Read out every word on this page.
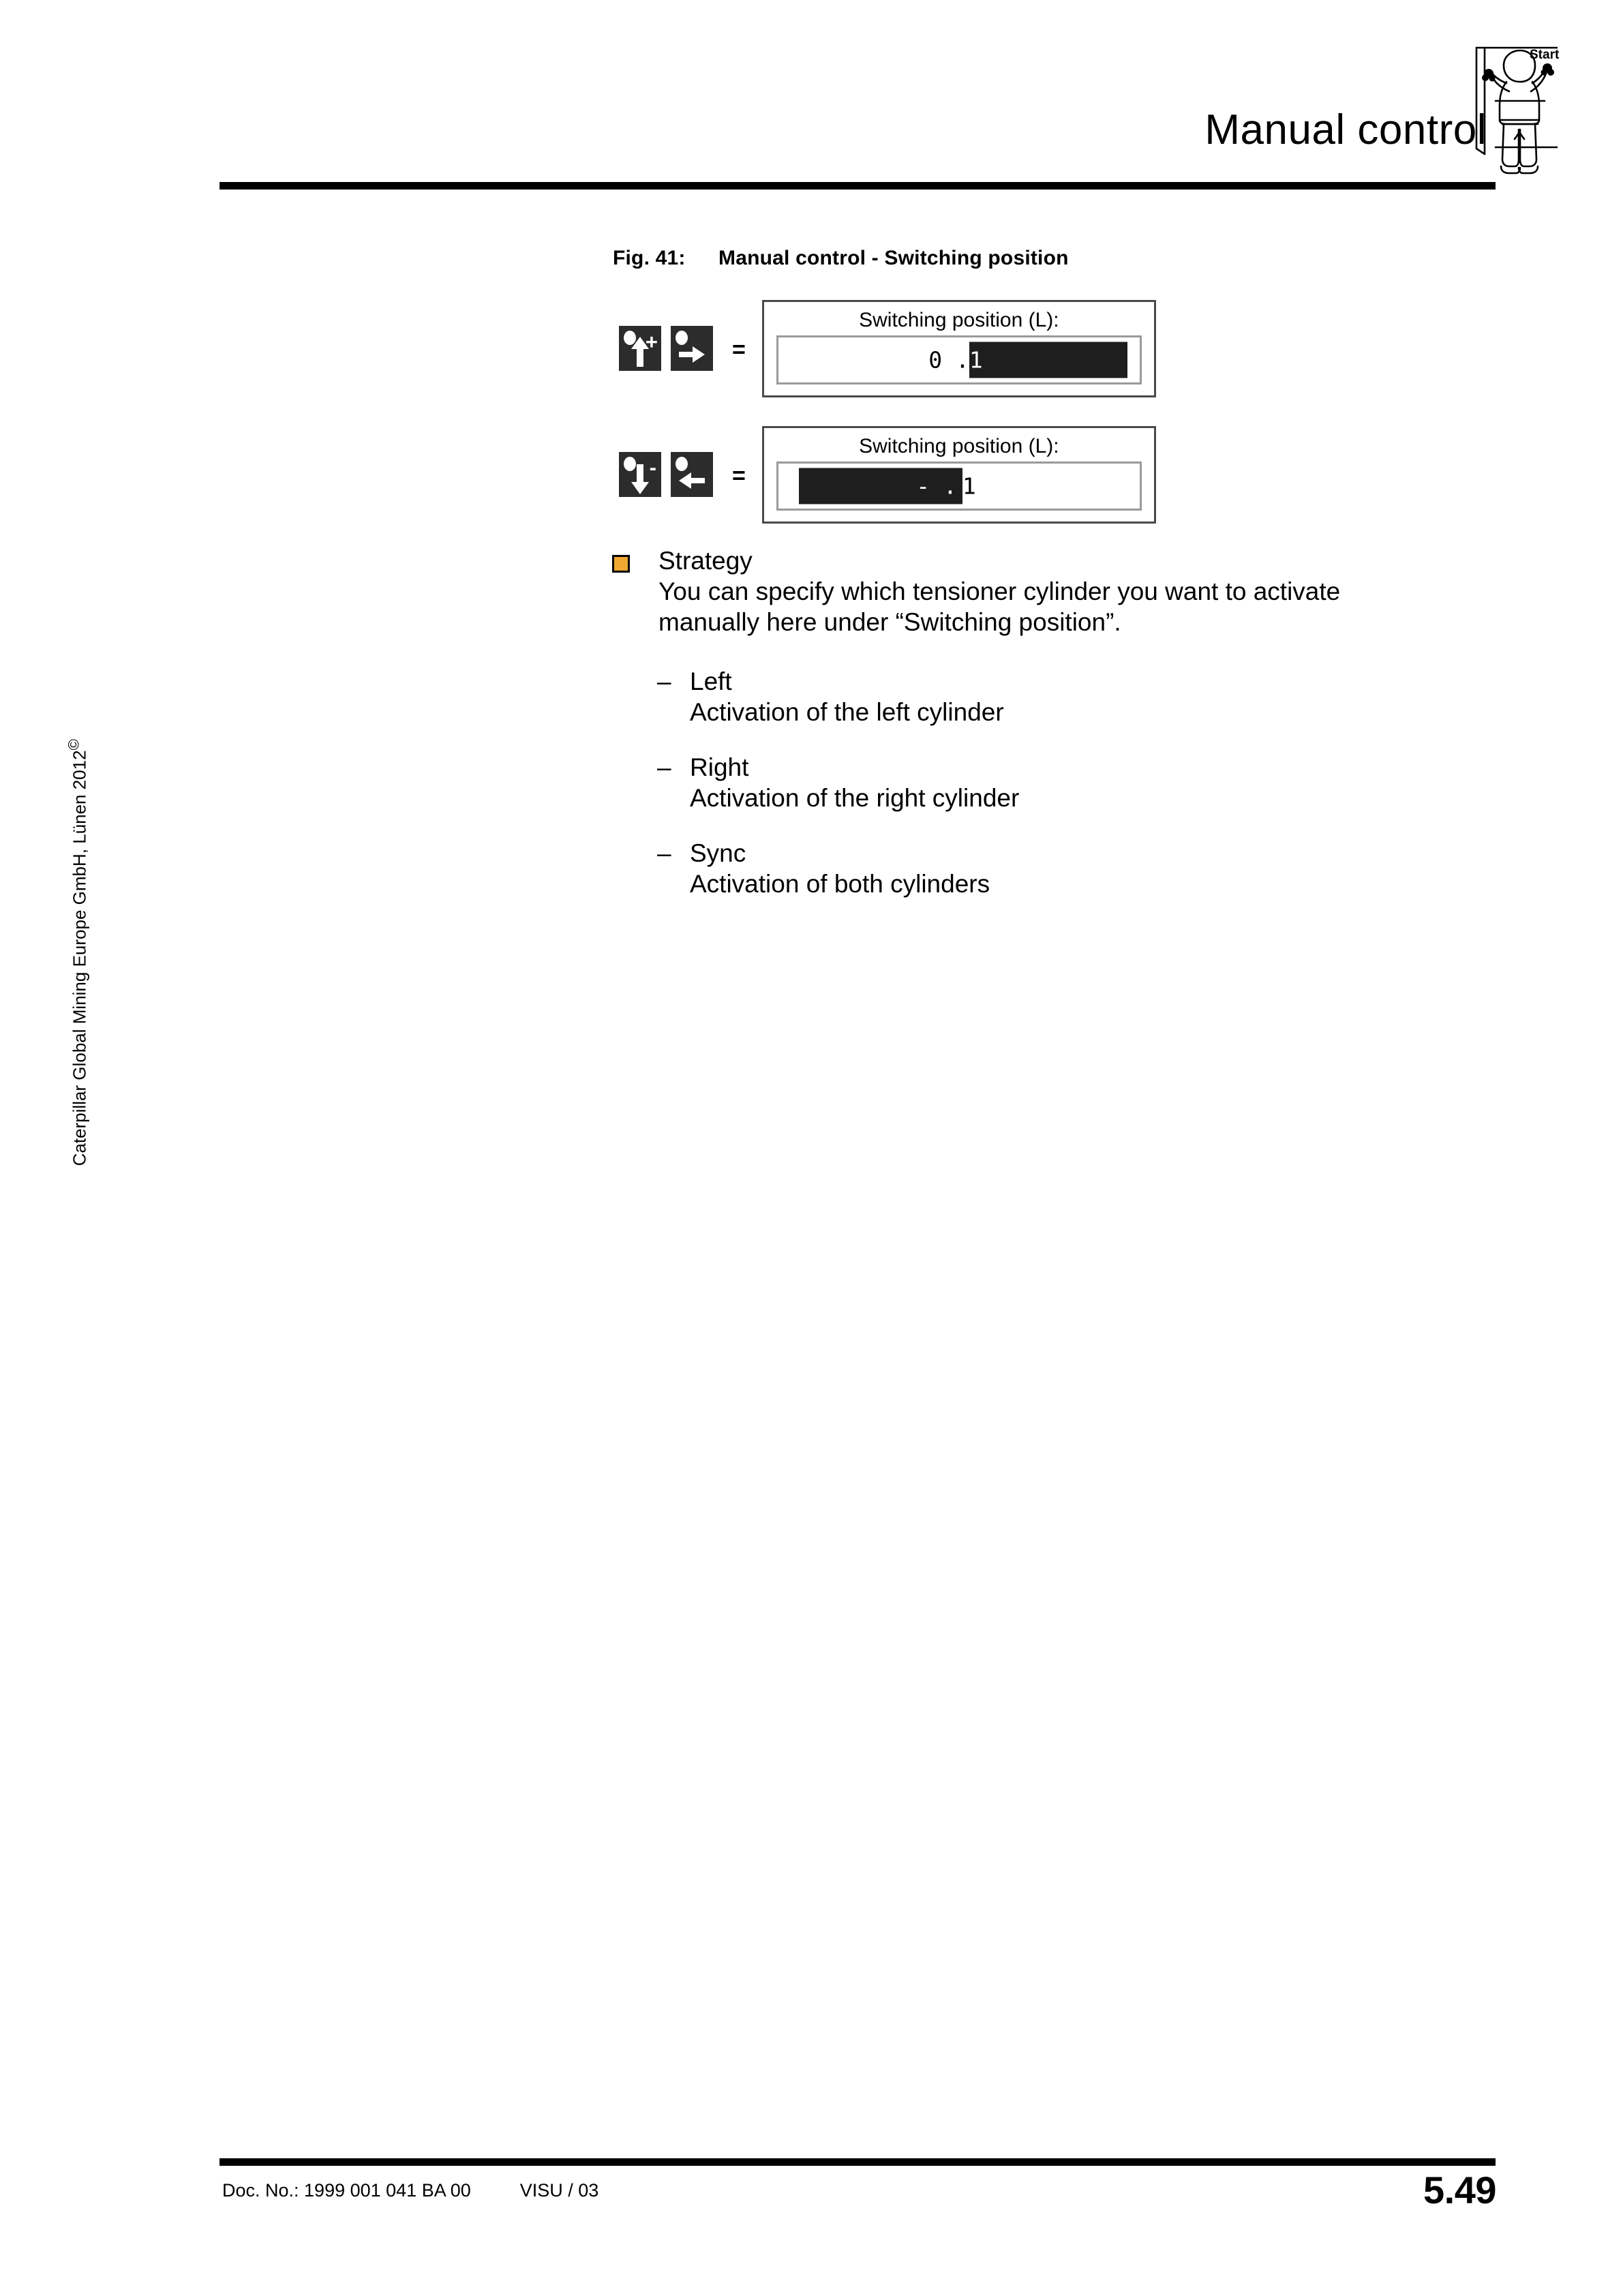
Manual control
Start
Fig. 41: Manual control - Switching position
+	=
Switching position (L):
0 . 1
-	=
Switching position (L):
- . 1
Strategy
You can specify which tensioner cylinder you want to activate
manually here under “Switching position”.
– Left
Activation of the left cylinder
– Right
Activation of the right cylinder
– Sync
Activation of both cylinders
Caterpillar Global Mining Europe GmbH, Lünen 2012©
Doc. No.: 1999 001 041 BA 00	VISU / 03	5.49
